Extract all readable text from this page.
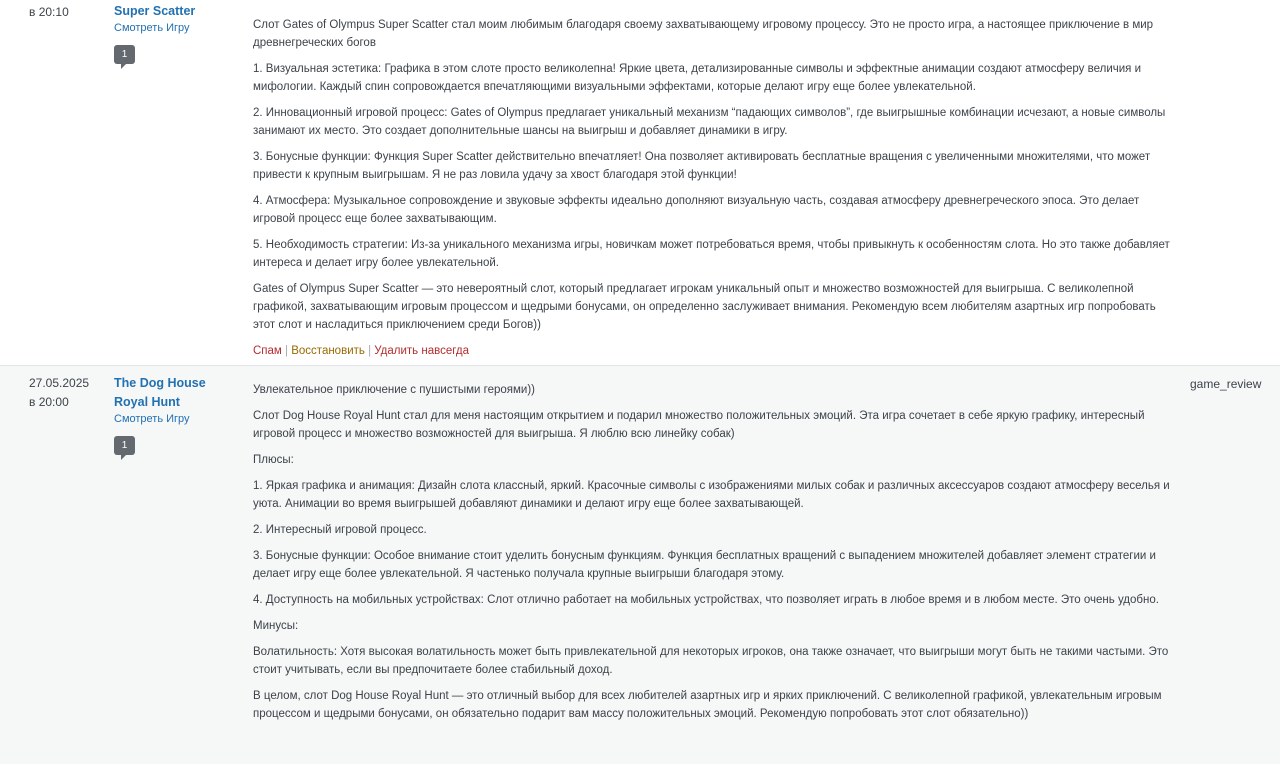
в 20:10	Super Scatter
Смотреть Игру
1

Слот Gates of Olympus Super Scatter стал моим любимым благодаря своему захватывающему игровому процессу. Это не просто игра, а настоящее приключение в мир древнегреческих богов

1. Визуальная эстетика: Графика в этом слоте просто великолепна! Яркие цвета, детализированные символы и эффектные анимации создают атмосферу величия и мифологии. Каждый спин сопровождается впечатляющими визуальными эффектами, которые делают игру еще более увлекательной.

2. Инновационный игровой процесс: Gates of Olympus предлагает уникальный механизм “падающих символов”, где выигрышные комбинации исчезают, а новые символы занимают их место. Это создает дополнительные шансы на выигрыш и добавляет динамики в игру.

3. Бонусные функции: Функция Super Scatter действительно впечатляет! Она позволяет активировать бесплатные вращения с увеличенными множителями, что может привести к крупным выигрышам. Я не раз ловила удачу за хвост благодаря этой функции!

4. Атмосфера: Музыкальное сопровождение и звуковые эффекты идеально дополняют визуальную часть, создавая атмосферу древнегреческого эпоса. Это делает игровой процесс еще более захватывающим.

5. Необходимость стратегии: Из-за уникального механизма игры, новичкам может потребоваться время, чтобы привыкнуть к особенностям слота. Но это также добавляет интереса и делает игру более увлекательной.

Gates of Olympus Super Scatter — это невероятный слот, который предлагает игрокам уникальный опыт и множество возможностей для выигрыша. С великолепной графикой, захватывающим игровым процессом и щедрыми бонусами, он определенно заслуживает внимания. Рекомендую всем любителям азартных игр попробовать этот слот и насладиться приключением среди Богов))

Спам | Восстановить | Удалить навсегда
27.05.2025
в 20:00
The Dog House Royal Hunt
Смотреть Игру
1

Увлекательное приключение с пушистыми героями))

Слот Dog House Royal Hunt стал для меня настоящим открытием и подарил множество положительных эмоций. Эта игра сочетает в себе яркую графику, интересный игровой процесс и множество возможностей для выигрыша. Я люблю всю линейку собак)

Плюсы:

1. Яркая графика и анимация: Дизайн слота классный, яркий. Красочные символы с изображениями милых собак и различных аксессуаров создают атмосферу веселья и уюта. Анимации во время выигрышей добавляют динамики и делают игру еще более захватывающей.

2. Интересный игровой процесс.

3. Бонусные функции: Особое внимание стоит уделить бонусным функциям. Функция бесплатных вращений с выпадением множителей добавляет элемент стратегии и делает игру еще более увлекательной. Я частенько получала крупные выигрыши благодаря этому.

4. Доступность на мобильных устройствах: Слот отлично работает на мобильных устройствах, что позволяет играть в любое время и в любом месте. Это очень удобно.

Минусы:

Волатильность: Хотя высокая волатильность может быть привлекательной для некоторых игроков, она также означает, что выигрыши могут быть не такими частыми. Это стоит учитывать, если вы предпочитаете более стабильный доход.

В целом, слот Dog House Royal Hunt — это отличный выбор для всех любителей азартных игр и ярких приключений. С великолепной графикой, увлекательным игровым процессом и щедрыми бонусами, он обязательно подарит вам массу положительных эмоций. Рекомендую попробовать этот слот обязательно))

game_review
